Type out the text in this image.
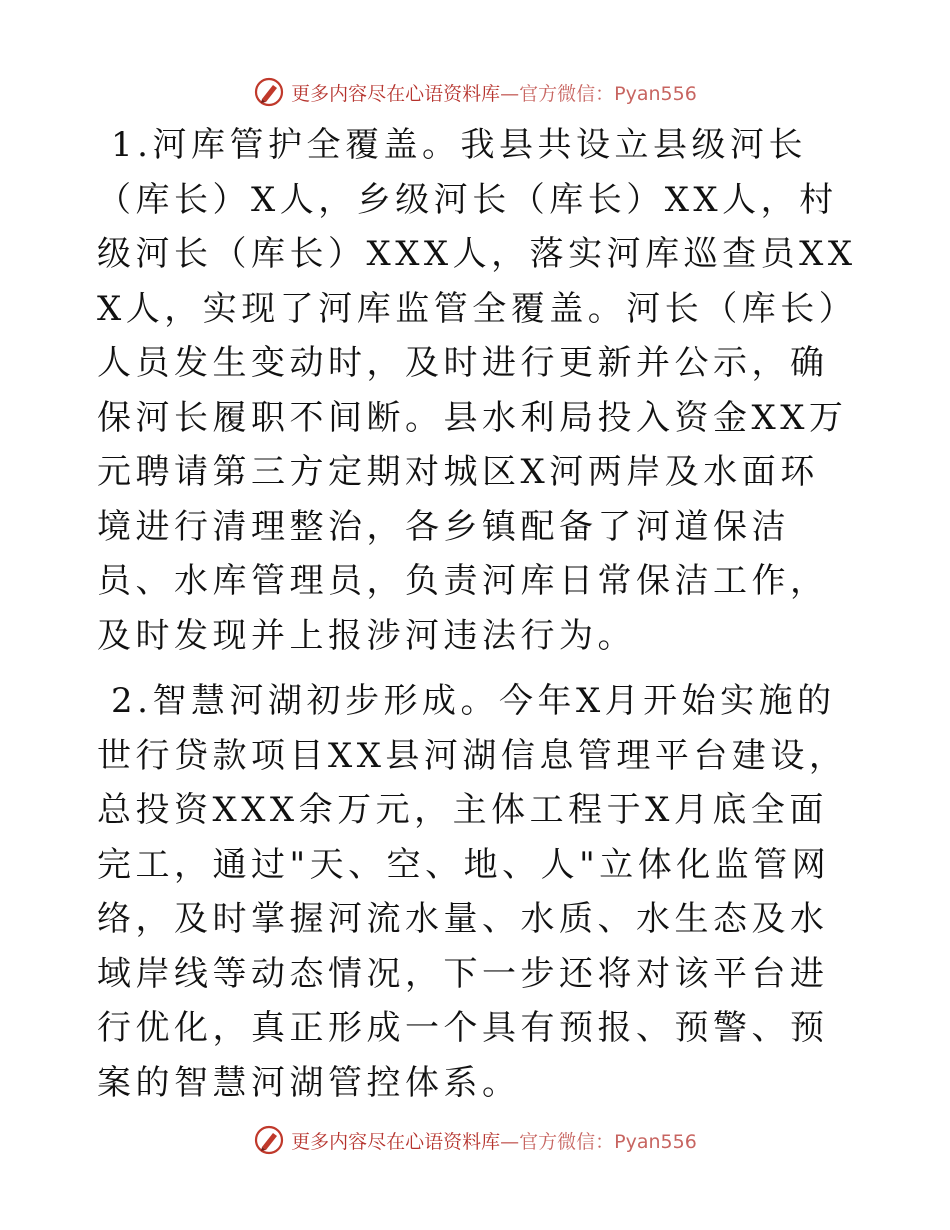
更多内容尽在心语资料库—官方微信：Pyan556

1.河库管护全覆盖。我县共设立县级河长（库长）X人，乡级河长（库长）XX人，村级河长（库长）XXX人，落实河库巡查员XXX人，实现了河库监管全覆盖。河长（库长）人员发生变动时，及时进行更新并公示，确保河长履职不间断。县水利局投入资金XX万元聘请第三方定期对城区X河两岸及水面环境进行清理整治，各乡镇配备了河道保洁员、水库管理员，负责河库日常保洁工作，及时发现并上报涉河违法行为。

2.智慧河湖初步形成。今年X月开始实施的世行贷款项目XX县河湖信息管理平台建设，总投资XXX余万元，主体工程于X月底全面完工，通过"天、空、地、人"立体化监管网络，及时掌握河流水量、水质、水生态及水域岸线等动态情况，下一步还将对该平台进行优化，真正形成一个具有预报、预警、预案的智慧河湖管控体系。

更多内容尽在心语资料库—官方微信：Pyan556
